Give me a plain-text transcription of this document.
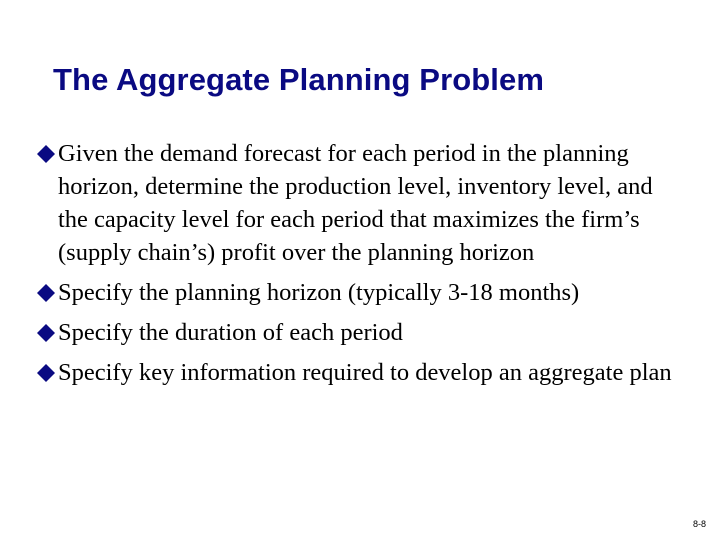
The Aggregate Planning Problem
Given the demand forecast for each period in the planning horizon, determine the production level, inventory level, and the capacity level for each period that maximizes the firm’s (supply chain’s) profit over the planning horizon
Specify the planning horizon (typically 3-18 months)
Specify the duration of each period
Specify key information required to develop an aggregate plan
8-8
